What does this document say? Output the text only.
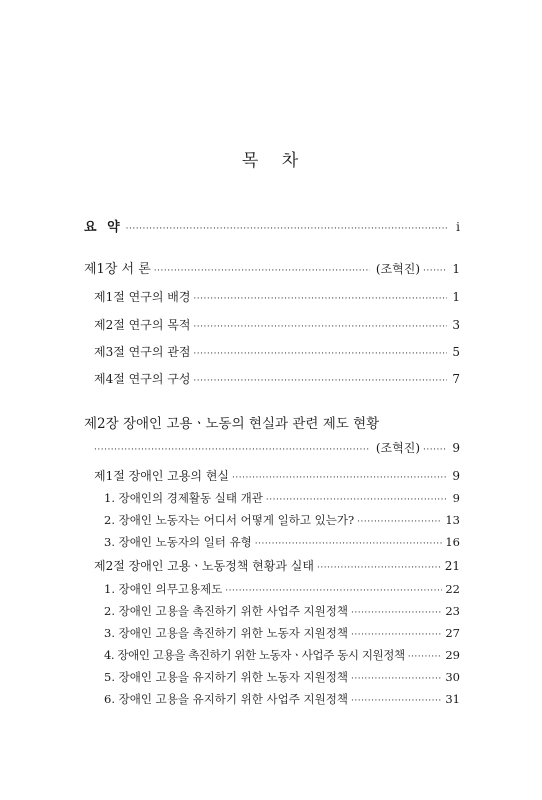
목 차
요 약 ·····	i
제1장 서 론 ·····	(조혁진) ·····	1
제1절 연구의 배경 ·····	1
제2절 연구의 목적 ·····	3
제3절 연구의 관점 ·····	5
제4절 연구의 구성 ·····	7
제2장 장애인 고용ㆍ노동의 현실과 관련 제도 현황
·····
(조혁진) ·····	9
제1절 장애인 고용의 현실 ·····	9
1. 장애인의 경제활동 실태 개관 ·····	9
2. 장애인 노동자는 어디서 어떻게 일하고 있는가? ·····	13
3. 장애인 노동자의 일터 유형 ·····	16
제2절 장애인 고용ㆍ노동정책 현황과 실태 ·····	21
1. 장애인 의무고용제도 ·····	22
2. 장애인 고용을 촉진하기 위한 사업주 지원정책 ·····	23
3. 장애인 고용을 촉진하기 위한 노동자 지원정책 ·····	27
4. 장애인 고용을 촉진하기 위한 노동자ㆍ사업주 동시 지원정책 ·····	29
5. 장애인 고용을 유지하기 위한 노동자 지원정책 ·····	30
6. 장애인 고용을 유지하기 위한 사업주 지원정책 ·····	31
